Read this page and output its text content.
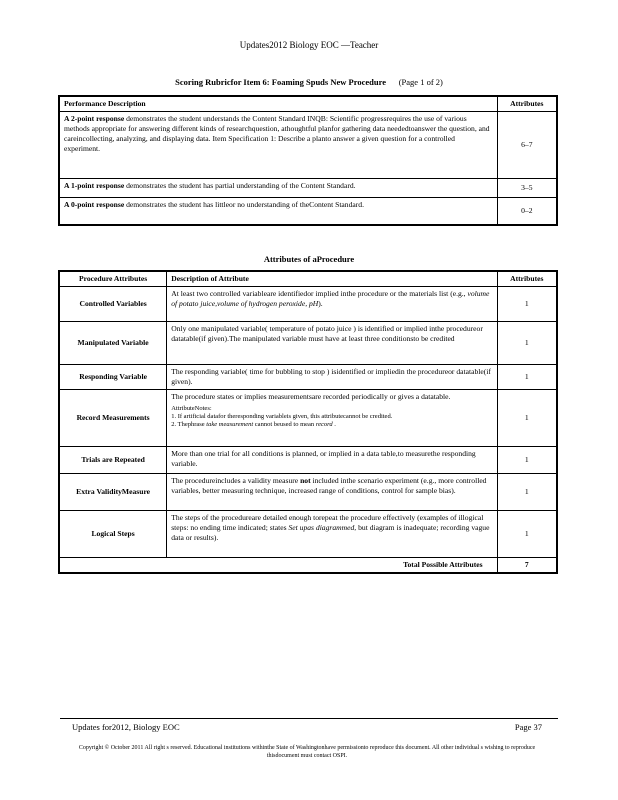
Updates2012 Biology EOC —Teacher
Scoring Rubricfor Item 6: Foaming Spuds New Procedure (Page 1 of 2)
Performance Description	Attributes
A 2-point response demonstrates the student understands the Content Standard INQB: Scientific progressrequires the use of various methods appropriate for answering different kinds of researchquestion, athoughtful planfor gathering data neededtoanswer the question, and careincollecting, analyzing, and displaying data. Item Specification 1: Describe a planto answer a given question for a controlled experiment.	6–7
A 1-point response demonstrates the student has partial understanding of the Content Standard.	3–5
A 0-point response demonstrates the student has littleor no understanding of theContent Standard.	0–2
Attributes of aProcedure
Procedure Attributes	Description of Attribute	Attributes
Controlled Variables	At least two controlled variableare identifiedor implied inthe procedure or the materials list (e.g., volume of potato juice,volume of hydrogen peroxide, pH).	1
Manipulated Variable	Only one manipulated variable( temperature of potato juice ) is identified or implied inthe procedureor datatable(if given).The manipulated variable must have at least three conditionsto be credited	1
Responding Variable	The responding variable( time for bubbling to stop ) isidentified or impliedin the procedureor datatable(if given).	1
Record Measurements	The procedure states or implies measurementsare recorded periodically or gives a datatable.
AttributeNotes:
1. If artificial datafor theresponding variableis given, this attributecannot be credited.
2. Thephrase take measurement cannot beused to mean record .	1
Trials are Repeated	More than one trial for all conditions is planned, or implied in a data table,to measurethe responding variable.	1
Extra ValidityMeasure	The procedureincludes a validity measure not included inthe scenario experiment (e.g., more controlled variables, better measuring technique, increased range of conditions, control for sample bias).	1
Logical Steps	The steps of the procedureare detailed enough torepeat the procedure effectively (examples of illogical steps: no ending time indicated; states Set upas diagrammed, but diagram is inadequate; recording vague data or results).	1
Total Possible Attributes		7
Updates for2012, Biology EOC	Page 37
Copyright © October 2011 All right s reserved. Educational institutions withinthe State of Washingtonhave permissionto reproduce this document. All other individual s wishing to reproduce thisdocument must contact OSPI.
